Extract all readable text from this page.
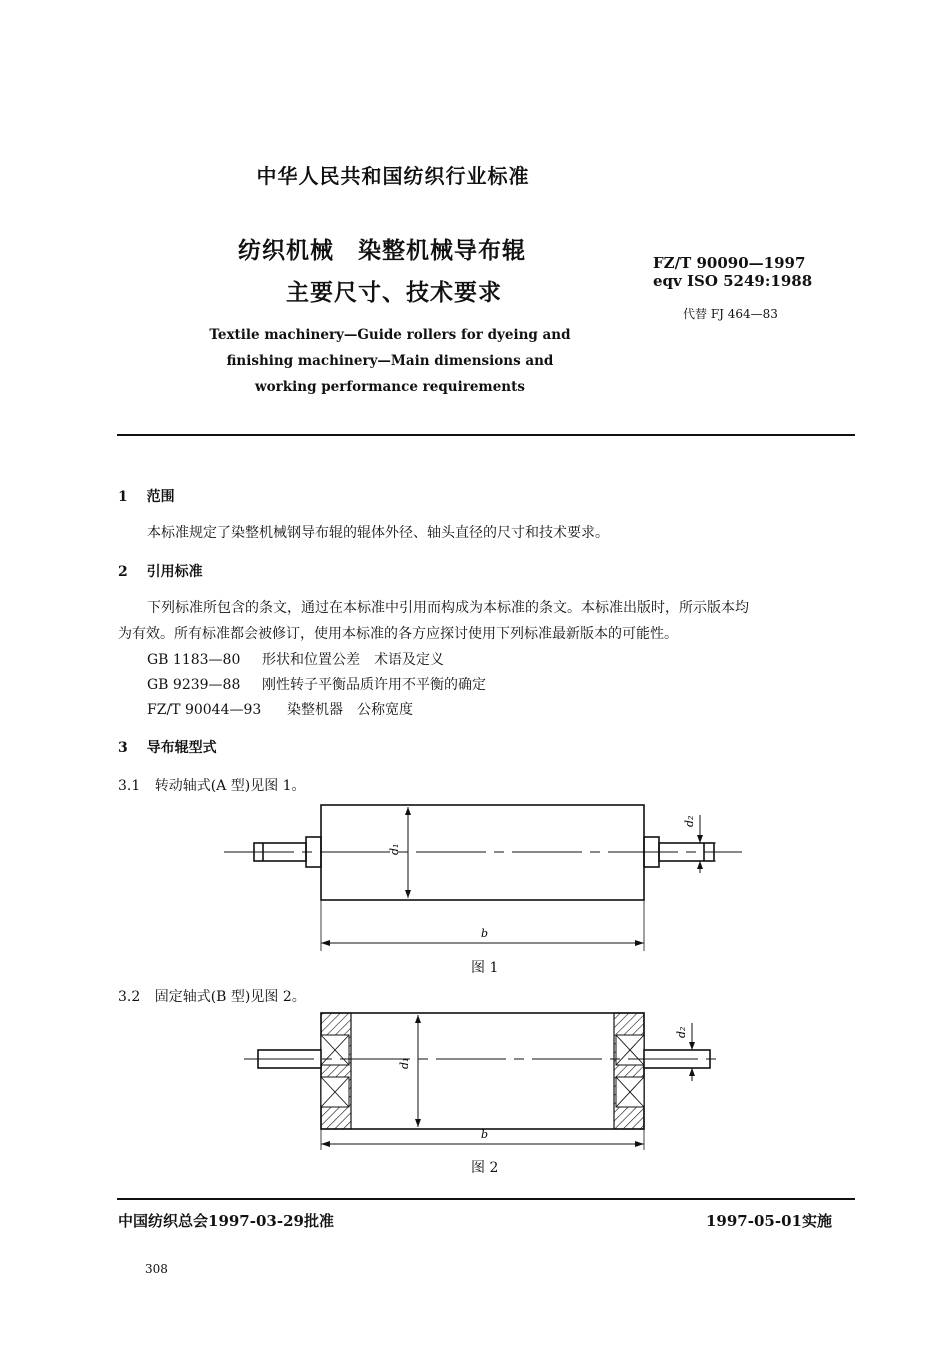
中华人民共和国纺织行业标准
纺织机械　染整机械导布辊
主要尺寸、技术要求
FZ/T 90090—1997
eqv ISO 5249:1988
代替 FJ 464—83
Textile machinery—Guide rollers for dyeing and
finishing machinery—Main dimensions and
working performance requirements
1 范围
本标准规定了染整机械钢导布辊的辊体外径、轴头直径的尺寸和技术要求。
2 引用标准
下列标准所包含的条文，通过在本标准中引用而构成为本标准的条文。本标准出版时，所示版本均
为有效。所有标准都会被修订，使用本标准的各方应探讨使用下列标准最新版本的可能性。
GB 1183—80 形状和位置公差　术语及定义
GB 9239—88 刚性转子平衡品质许用不平衡的确定
FZ/T 90044—93 染整机器　公称宽度
3 导布辊型式
3.1 转动轴式(A 型)见图 1。
d₁
d₂
b
图 1
3.2 固定轴式(B 型)见图 2。
d₁
d₂
b
图 2
中国纺织总会1997-03-29批准	1997-05-01实施
308
